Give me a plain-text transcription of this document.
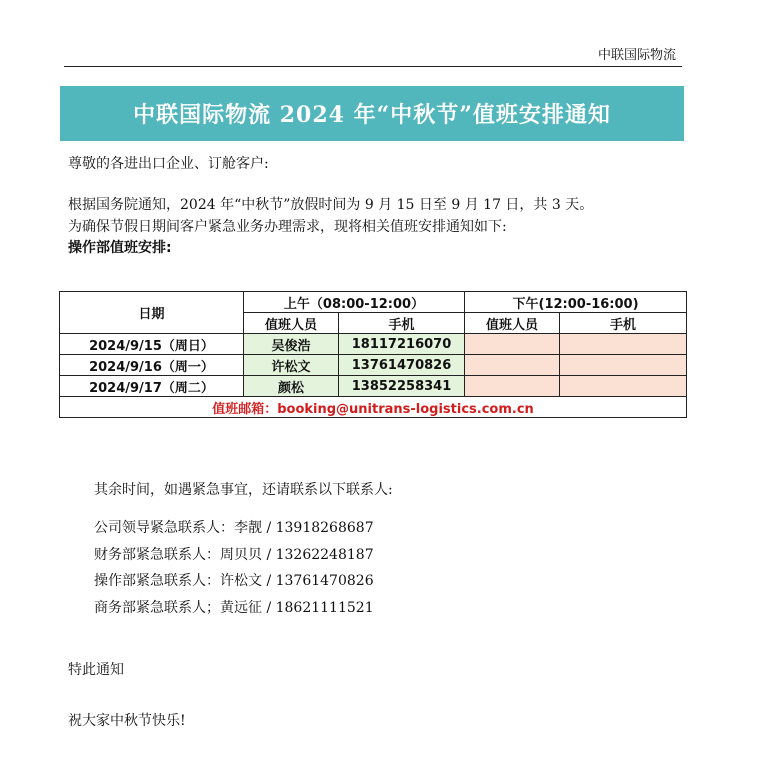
中联国际物流
中联国际物流 2024 年“中秋节”值班安排通知
尊敬的各进出口企业、订舱客户:
根据国务院通知，2024 年“中秋节”放假时间为 9 月 15 日至 9 月 17 日，共 3 天。
为确保节假日期间客户紧急业务办理需求，现将相关值班安排通知如下:
操作部值班安排:
日期	上午（08:00-12:00）		下午(12:00-16:00)	
	值班人员	手机	值班人员	手机
2024/9/15（周日）	吴俊浩	18117216070		
2024/9/16（周一）	许松文	13761470826		
2024/9/17（周二）	颜松	13852258341		
值班邮箱：booking@unitrans-logistics.com.cn				
其余时间，如遇紧急事宜，还请联系以下联系人:
公司领导紧急联系人：李靓 / 13918268687
财务部紧急联系人：周贝贝 / 13262248187
操作部紧急联系人：许松文 / 13761470826
商务部紧急联系人；黄远征 / 18621111521
特此通知
祝大家中秋节快乐!
